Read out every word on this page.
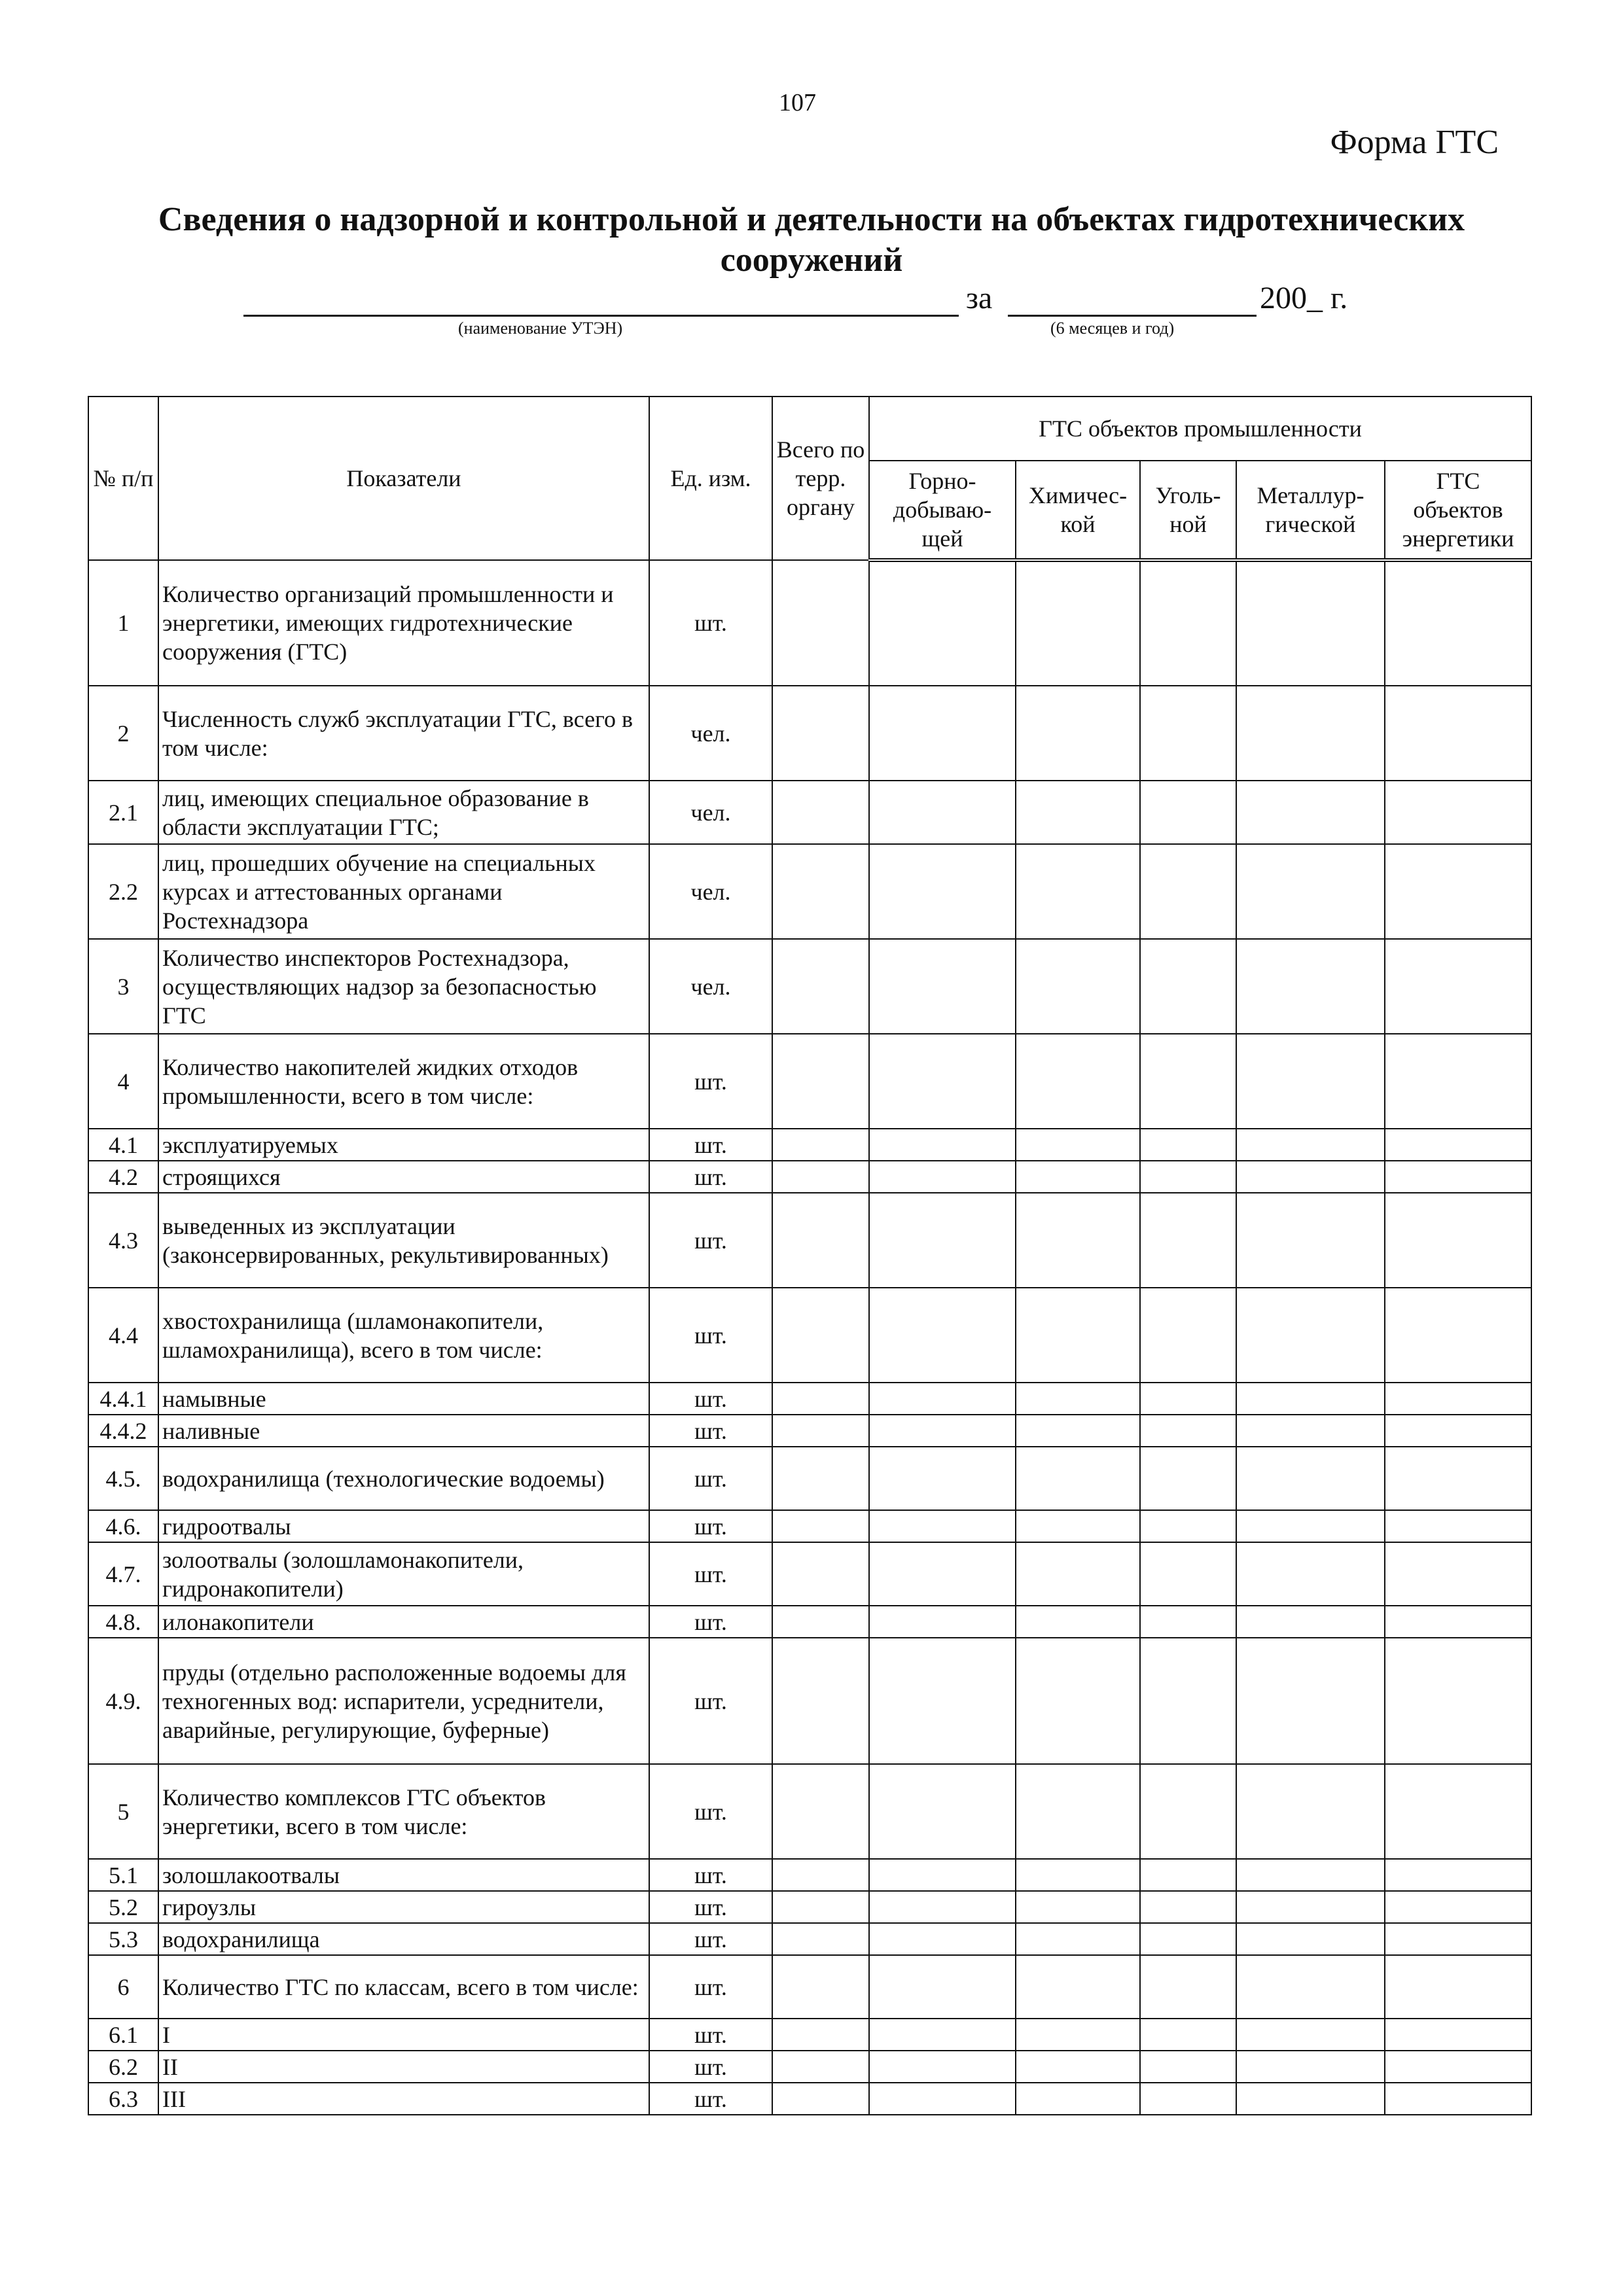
107
Форма ГТС
Сведения о надзорной и контрольной и деятельности на объектах гидротехнических
сооружений
(наименование УТЭН)
за
(6 месяцев и год)
200_ г.
№ п/п	Показатели	Ед. изм.	Всего по терр. органу	ГТС объектов промышленности				
				Горно-добываю-щей	Химичес-кой	Уголь-ной	Металлур-гической	ГТС объектов энергетики
1	Количество организаций промышленности и энергетики, имеющих гидротехнические сооружения (ГТС)	шт.						
2	Численность служб эксплуатации ГТС, всего в том числе:	чел.						
2.1	лиц, имеющих специальное образование в области эксплуатации ГТС;	чел.						
2.2	лиц, прошедших обучение на специальных курсах и аттестованных органами Ростехнадзора	чел.						
3	Количество инспекторов Ростехнадзора, осуществляющих надзор за безопасностью ГТС	чел.						
4	Количество накопителей жидких отходов промышленности, всего в том числе:	шт.						
4.1	эксплуатируемых	шт.						
4.2	строящихся	шт.						
4.3	выведенных из эксплуатации (законсервированных, рекультивированных)	шт.						
4.4	хвостохранилища (шламонакопители, шламохранилища), всего в том числе:	шт.						
4.4.1	намывные	шт.						
4.4.2	наливные	шт.						
4.5.	водохранилища (технологические водоемы)	шт.						
4.6.	гидроотвалы	шт.						
4.7.	золоотвалы (золошламонакопители, гидронакопители)	шт.						
4.8.	илонакопители	шт.						
4.9.	пруды (отдельно расположенные водоемы для техногенных вод: испарители, усреднители, аварийные, регулирующие, буферные)	шт.						
5	Количество комплексов ГТС объектов энергетики, всего в том числе:	шт.						
5.1	золошлакоотвалы	шт.						
5.2	гироузлы	шт.						
5.3	водохранилища	шт.						
6	Количество ГТС по классам, всего в том числе:	шт.						
6.1	I	шт.						
6.2	II	шт.						
6.3	III	шт.						
